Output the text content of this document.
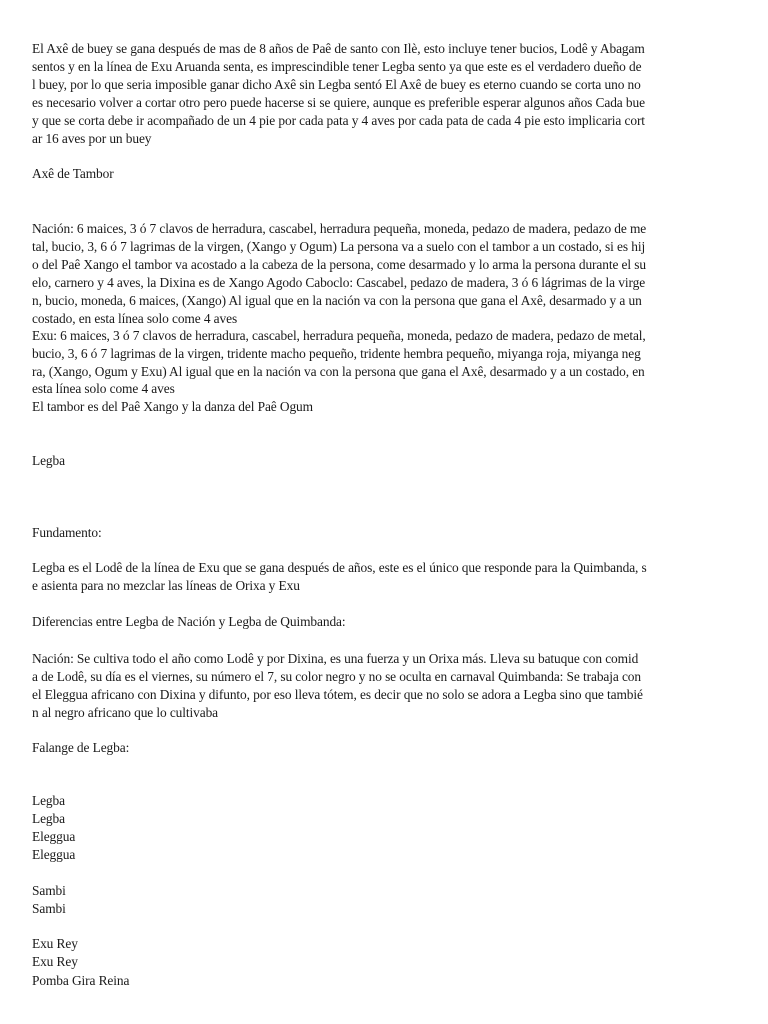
El Axê de buey se gana después de mas de 8 años de Paê de santo con Ilè, esto incluye tener bucios, Lodê y Abagam
sentos y en la línea de Exu Aruanda senta, es imprescindible tener Legba sento ya que este es el verdadero dueño de
l buey, por lo que seria imposible ganar dicho Axê sin Legba sentó El Axê de buey es eterno cuando se corta uno no
es necesario volver a cortar otro pero puede hacerse si se quiere, aunque es preferible esperar algunos años Cada bue
y que se corta debe ir acompañado de un 4 pie por cada pata y 4 aves por cada pata de cada 4 pie esto implicaria cort
ar 16 aves por un buey
Axê de Tambor
Nación: 6 maices, 3 ó 7 clavos de herradura, cascabel, herradura pequeña, moneda, pedazo de madera, pedazo de me
tal, bucio, 3, 6 ó 7 lagrimas de la virgen, (Xango y Ogum) La persona va a suelo con el tambor a un costado, si es hij
o del Paê Xango el tambor va acostado a la cabeza de la persona, come desarmado y lo arma la persona durante el su
elo, carnero y 4 aves, la Dixina es de Xango Agodo Caboclo: Cascabel, pedazo de madera, 3 ó 6 lágrimas de la virge
n, bucio, moneda, 6 maices, (Xango) Al igual que en la nación va con la persona que gana el Axê, desarmado y a un
costado, en esta línea solo come 4 aves
Exu: 6 maices, 3 ó 7 clavos de herradura, cascabel, herradura pequeña, moneda, pedazo de madera, pedazo de metal,
bucio, 3, 6 ó 7 lagrimas de la virgen, tridente macho pequeño, tridente hembra pequeño, miyanga roja, miyanga neg
ra, (Xango, Ogum y Exu) Al igual que en la nación va con la persona que gana el Axê, desarmado y a un costado, en
esta línea solo come 4 aves
El tambor es del Paê Xango y la danza del Paê Ogum
Legba
Fundamento:
Legba es el Lodê de la línea de Exu que se gana después de años, este es el único que responde para la Quimbanda, s
e asienta para no mezclar las líneas de Orixa y Exu
Diferencias entre Legba de Nación y Legba de Quimbanda:
Nación: Se cultiva todo el año como Lodê y por Dixina, es una fuerza y un Orixa más. Lleva su batuque con comid
a de Lodê, su día es el viernes, su número el 7, su color negro y no se oculta en carnaval Quimbanda: Se trabaja con
el Eleggua africano con Dixina y difunto, por eso lleva tótem, es decir que no solo se adora a Legba sino que tambié
n al negro africano que lo cultivaba
Falange de Legba:
Legba
Legba
Eleggua
Eleggua
Sambi
Sambi
Exu Rey
Exu Rey
Pomba Gira Reina
